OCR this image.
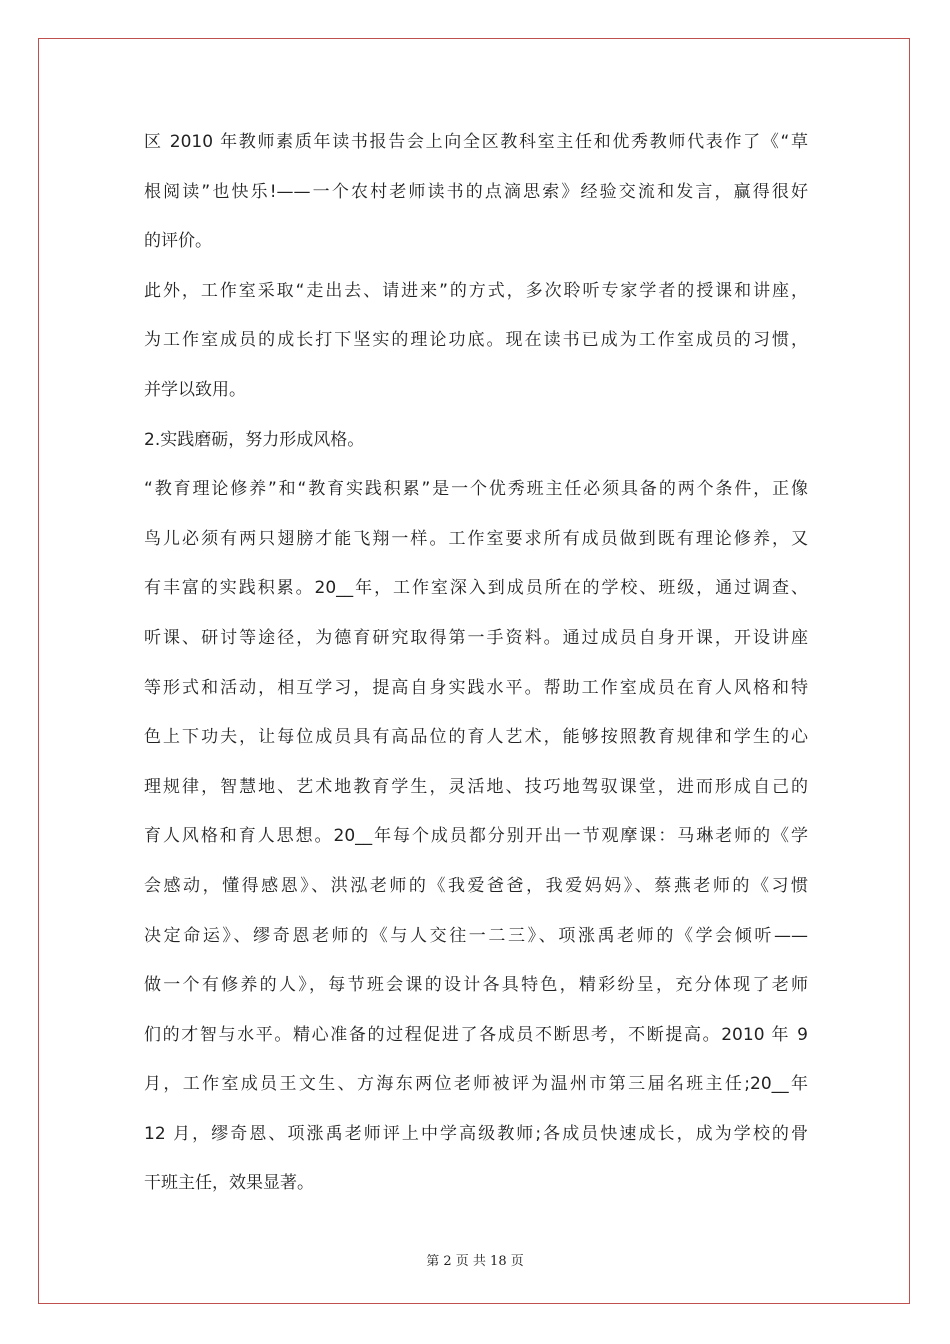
区 2010 年教师素质年读书报告会上向全区教科室主任和优秀教师代表作了《“草
根阅读”也快乐!——一个农村老师读书的点滴思索》经验交流和发言，赢得很好
的评价。
此外，工作室采取“走出去、请进来”的方式，多次聆听专家学者的授课和讲座，
为工作室成员的成长打下坚实的理论功底。现在读书已成为工作室成员的习惯，
并学以致用。
2.实践磨砺，努力形成风格。
“教育理论修养”和“教育实践积累”是一个优秀班主任必须具备的两个条件，正像
鸟儿必须有两只翅膀才能飞翔一样。工作室要求所有成员做到既有理论修养，又
有丰富的实践积累。20__年，工作室深入到成员所在的学校、班级，通过调查、
听课、研讨等途径，为德育研究取得第一手资料。通过成员自身开课，开设讲座
等形式和活动，相互学习，提高自身实践水平。帮助工作室成员在育人风格和特
色上下功夫，让每位成员具有高品位的育人艺术，能够按照教育规律和学生的心
理规律，智慧地、艺术地教育学生，灵活地、技巧地驾驭课堂，进而形成自己的
育人风格和育人思想。20__年每个成员都分别开出一节观摩课：马琳老师的《学
会感动，懂得感恩》、洪泓老师的《我爱爸爸，我爱妈妈》、蔡燕老师的《习惯
决定命运》、缪奇恩老师的《与人交往一二三》、项涨禹老师的《学会倾听——
做一个有修养的人》，每节班会课的设计各具特色，精彩纷呈，充分体现了老师
们的才智与水平。精心准备的过程促进了各成员不断思考，不断提高。2010 年 9
月，工作室成员王文生、方海东两位老师被评为温州市第三届名班主任;20__年
12 月，缪奇恩、项涨禹老师评上中学高级教师;各成员快速成长，成为学校的骨
干班主任，效果显著。
第 2 页 共 18 页
